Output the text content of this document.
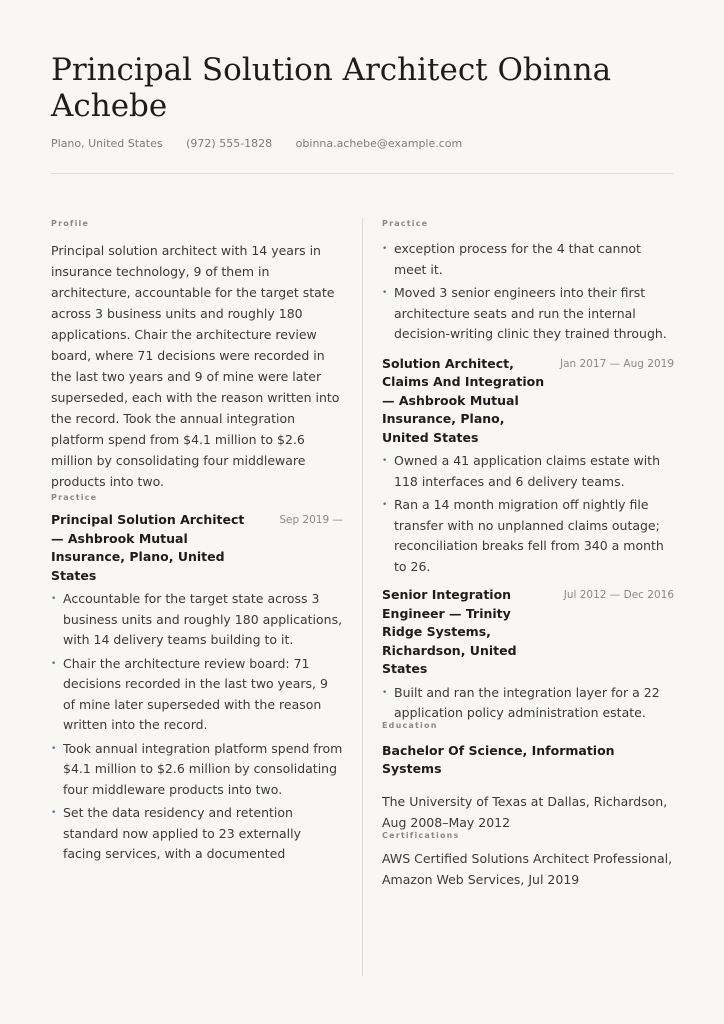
Principal Solution Architect Obinna Achebe
Plano, United States (972) 555-1828 obinna.achebe@example.com
Profile

Principal solution architect with 14 years in insurance technology, 9 of them in architecture, accountable for the target state across 3 business units and roughly 180 applications. Chair the architecture review board, where 71 decisions were recorded in the last two years and 9 of mine were later superseded, each with the reason written into the record. Took the annual integration platform spend from $4.1 million to $2.6 million by consolidating four middleware products into two.

Practice
Principal Solution Architect — Ashbrook Mutual Insurance, Plano, United States
Sep 2019 —
• Accountable for the target state across 3 business units and roughly 180 applications, with 14 delivery teams building to it.
• Chair the architecture review board: 71 decisions recorded in the last two years, 9 of mine later superseded with the reason written into the record.
• Took annual integration platform spend from $4.1 million to $2.6 million by consolidating four middleware products into two.
• Set the data residency and retention standard now applied to 23 externally facing services, with a documented
Practice
• exception process for the 4 that cannot meet it.
• Moved 3 senior engineers into their first architecture seats and run the internal decision-writing clinic they trained through.
Solution Architect, Claims And Integration — Ashbrook Mutual Insurance, Plano, United States
Jan 2017 — Aug 2019
• Owned a 41 application claims estate with 118 interfaces and 6 delivery teams.
• Ran a 14 month migration off nightly file transfer with no unplanned claims outage; reconciliation breaks fell from 340 a month to 26.
Senior Integration Engineer — Trinity Ridge Systems, Richardson, United States
Jul 2012 — Dec 2016
• Built and ran the integration layer for a 22 application policy administration estate.
Education
Bachelor Of Science, Information Systems
The University of Texas at Dallas, Richardson, Aug 2008–May 2012
Certifications
AWS Certified Solutions Architect Professional, Amazon Web Services, Jul 2019
